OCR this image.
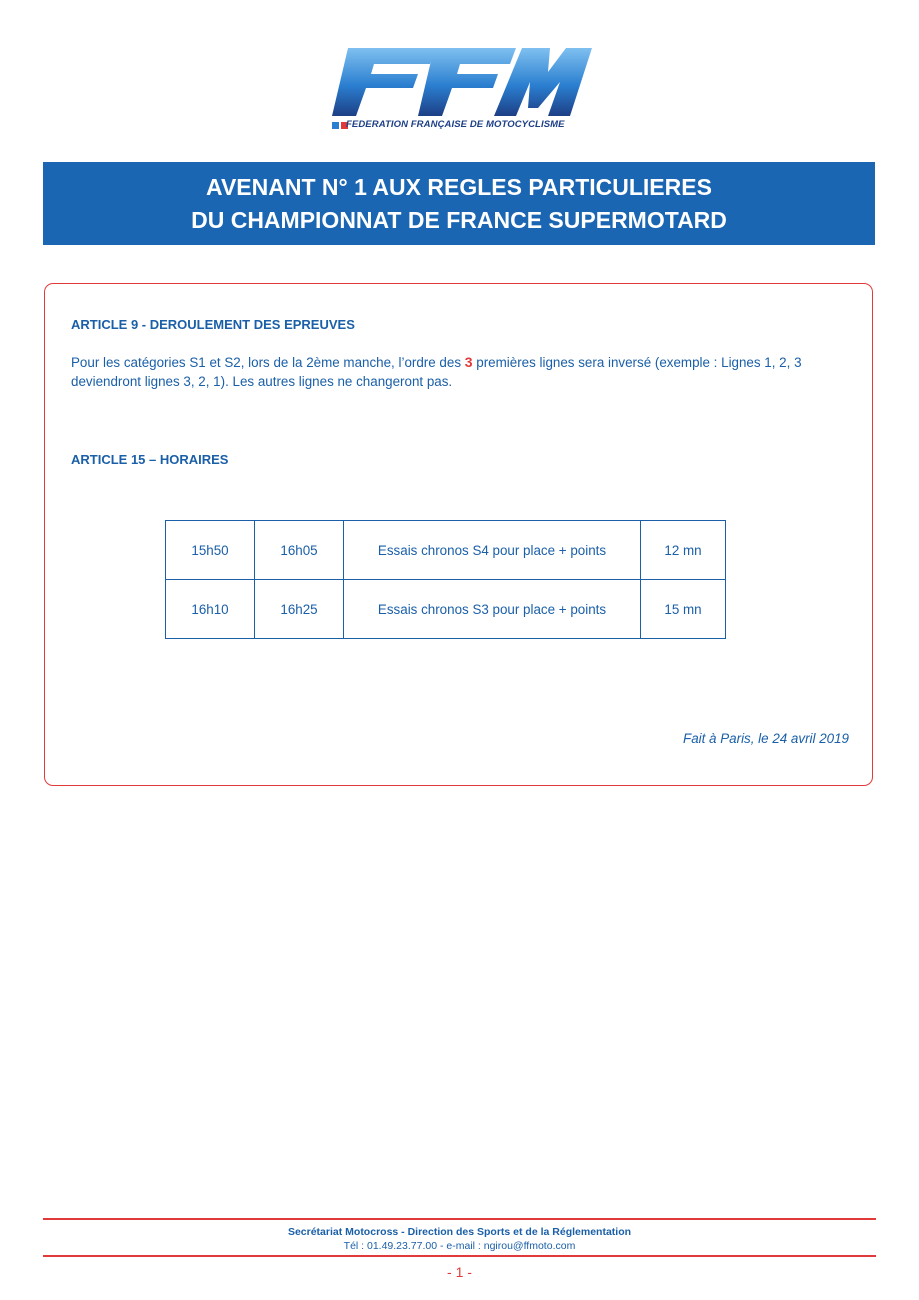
FEDERATION FRANÇAISE DE MOTOCYCLISME
AVENANT N° 1 AUX REGLES PARTICULIERES
DU CHAMPIONNAT DE FRANCE SUPERMOTARD
ARTICLE 9 - DEROULEMENT DES EPREUVES
Pour les catégories S1 et S2, lors de la 2ème manche, l’ordre des 3 premières lignes sera inversé (exemple : Lignes 1, 2, 3 deviendront lignes 3, 2, 1). Les autres lignes ne changeront pas.
ARTICLE 15 – HORAIRES
15h50	16h05	Essais chronos S4 pour place + points	12 mn
16h10	16h25	Essais chronos S3 pour place + points	15 mn
Fait à Paris, le 24 avril 2019
Secrétariat Motocross - Direction des Sports et de la Réglementation
Tél : 01.49.23.77.00 - e-mail : ngirou@ffmoto.com
- 1 -
